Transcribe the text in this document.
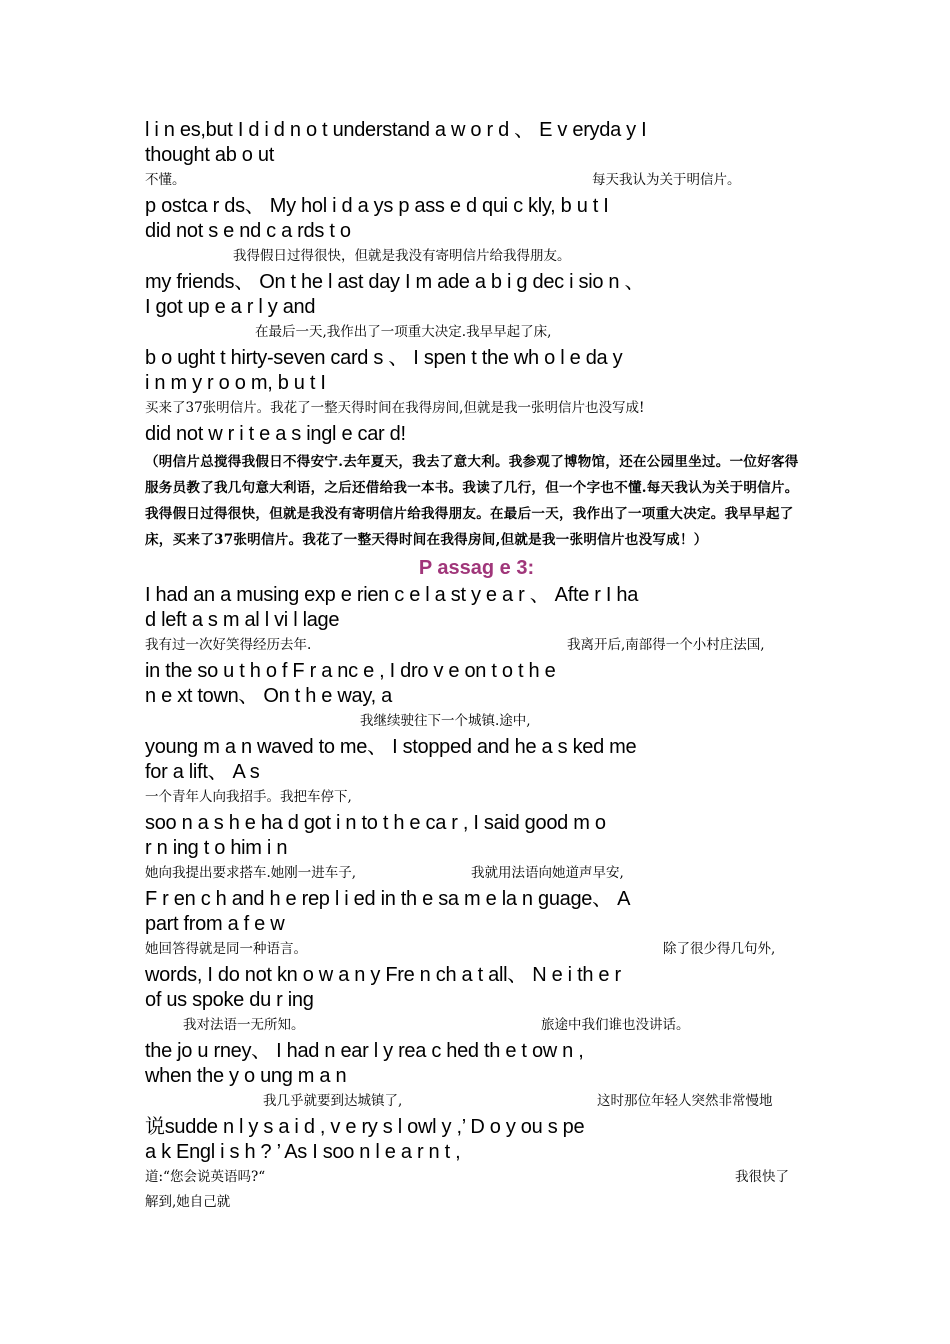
l i n es,but I d i d n o t understand a w o r d 、 E v eryda y I

thought ab o ut

不懂。	每天我认为关于明信片。

p ostca r ds、 My hol i d a ys p ass e d qui c kly, b u t I

did not s e nd c a rds t o

我得假日过得很快，但就是我没有寄明信片给我得朋友。

my friends、 On t he l ast day I m ade a b i g dec i sio n 、

I got up e a r l y and

在最后一天,我作出了一项重大决定.我早早起了床,

b o ught t hirty-seven card s 、 I spen t the wh o l e da y

i n m y r o o m, b u t I

买来了37张明信片。我花了一整天得时间在我得房间,但就是我一张明信片也没写成!

did not w r i t e a s ingl e car d!

（明信片总搅得我假日不得安宁.去年夏天，我去了意大利。我参观了博物馆，还在公园里坐过。一位好客得服务员教了我几句意大利语，之后还借给我一本书。我读了几行，但一个字也不懂.每天我认为关于明信片。我得假日过得很快，但就是我没有寄明信片给我得朋友。在最后一天，我作出了一项重大决定。我早早起了床，买来了37张明信片。我花了一整天得时间在我得房间,但就是我一张明信片也没写成！）

P assag e 3:

I had an a musing exp e rien c e l a st y e a r 、 Afte r I ha

d left a s m al l vi l lage

我有过一次好笑得经历去年.	我离开后,南部得一个小村庄法国,

in the so u t h o f F r a nc e , I dro v e on t o t h e

n e xt town、 On t h e way, a

我继续驶往下一个城镇.途中,

young m a n waved to me、 I stopped and he a s ked me

for a lift、 A s

一个青年人向我招手。我把车停下,

soo n a s h e ha d got i n to t h e ca r , I said good m o

r n ing t o him i n

她向我提出要求搭车.她刚一进车子,	我就用法语向她道声早安,

F r en c h and h e rep l i ed in th e sa m e la n guage、 A

part from a f e w

她回答得就是同一种语言。	除了很少得几句外,

words, I do not kn o w a n y Fre n ch a t all、 N e i th e r

of us spoke du r ing

我对法语一无所知。	旅途中我们谁也没讲话。

the jo u rney、 I had n ear l y rea c hed th e t ow n ,

when the y o ung m a n

我几乎就要到达城镇了,	这时那位年轻人突然非常慢地

说sudde n l y s a i d , v e ry s l owl y ,’ D o y ou s pe

a k Engl i s h ? ’ As I soo n l e a r n t ,

道:“您会说英语吗?“	我很快了
解到,她自己就
